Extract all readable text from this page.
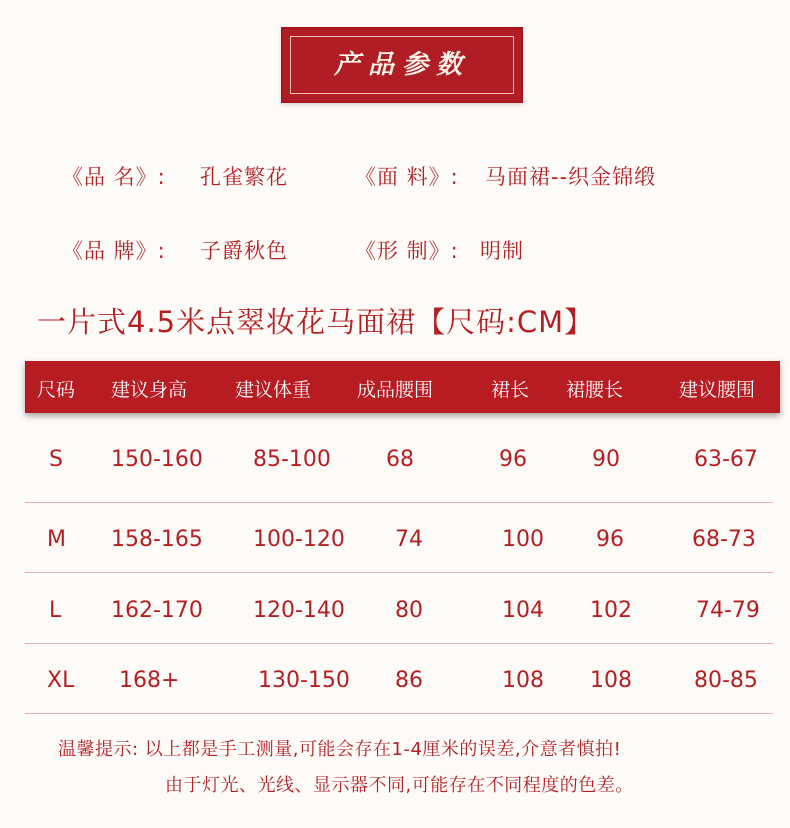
产品参数
《品 名》: 孔雀繁花	《面 料》: 马面裙--织金锦缎
《品 牌》: 子爵秋色	《形 制》: 明制
一片式4.5米点翠妆花马面裙【尺码:CM】
尺码 建议身高	建议体重 成品腰围	裙长 裙腰长	建议腰围
S 150-160 85-100	68	96	90	63-67
M 158-165 100-120 74	100 96	68-73
L 162-170 120-140 80	104 102	74-79
XL 168+	130-150 86	108 108	80-85
温馨提示: 以上都是手工测量,可能会存在1-4厘米的误差,介意者慎拍!
由于灯光、光线、显示器不同,可能存在不同程度的色差。
